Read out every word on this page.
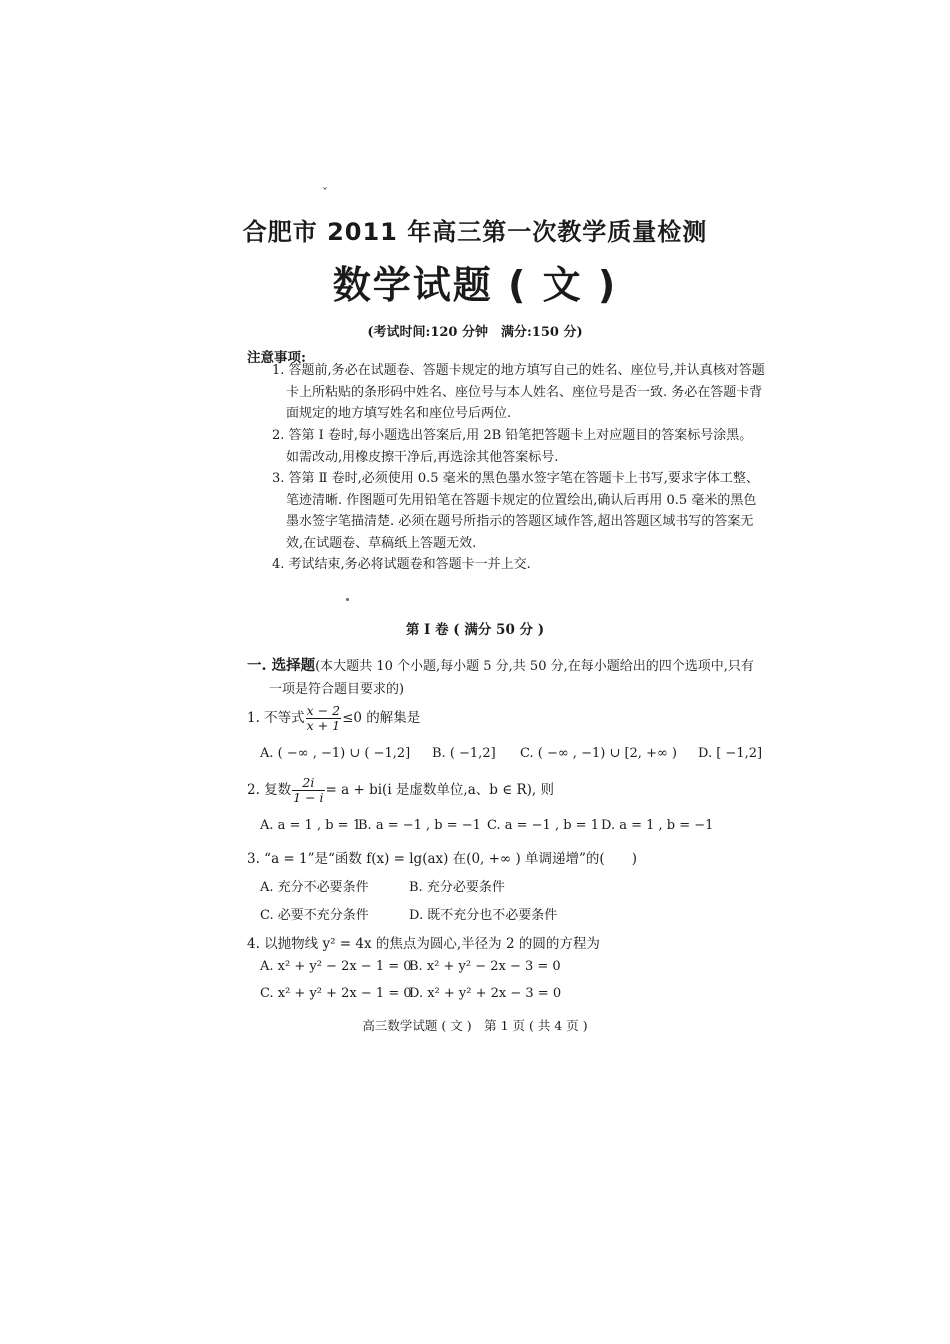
ˇ
合肥市 2011 年高三第一次教学质量检测
数学试题 ( 文 )
(考试时间:120 分钟　满分:150 分)
注意事项:
1. 答题前,务必在试题卷、答题卡规定的地方填写自己的姓名、座位号,并认真核对答题
卡上所粘贴的条形码中姓名、座位号与本人姓名、座位号是否一致. 务必在答题卡背
面规定的地方填写姓名和座位号后两位.
2. 答第 Ⅰ 卷时,每小题选出答案后,用 2B 铅笔把答题卡上对应题目的答案标号涂黑。
如需改动,用橡皮擦干净后,再选涂其他答案标号.
3. 答第 Ⅱ 卷时,必须使用 0.5 毫米的黑色墨水签字笔在答题卡上书写,要求字体工整、
笔迹清晰. 作图题可先用铅笔在答题卡规定的位置绘出,确认后再用 0.5 毫米的黑色
墨水签字笔描清楚. 必须在题号所指示的答题区域作答,超出答题区域书写的答案无
效,在试题卷、草稿纸上答题无效.
4. 考试结束,务必将试题卷和答题卡一并上交.
第 Ⅰ 卷 ( 满分 50 分 )
一. 选择题(本大题共 10 个小题,每小题 5 分,共 50 分,在每小题给出的四个选项中,只有
一项是符合题目要求的)
1. 不等式 $\frac{x - 2}{x + 1} \le 0$ 的解集是
A. ( −∞ , −1) ∪ ( −1,2] B. ( −1,2] C. ( −∞ , −1) ∪ [2, +∞ ) D. [ −1,2]
2. 复数 $\frac{2i}{1 - i} = a + bi(i$ 是虚数单位,a、b ∈ R), 则
A. a = 1 , b = 1
B. a = −1 , b = −1 C. a = −1 , b = 1 D. a = 1 , b = −1
3. “a = 1”是“函数 f(x) = lg(ax) 在(0, +∞ ) 单调递增”的(　　)
A. 充分不必要条件	B. 充分必要条件
C. 必要不充分条件	D. 既不充分也不必要条件
4. 以抛物线 y² = 4x 的焦点为圆心,半径为 2 的圆的方程为
A. x² + y² − 2x − 1 = 0
B. x² + y² − 2x − 3 = 0
C. x² + y² + 2x − 1 = 0
D. x² + y² + 2x − 3 = 0
高三数学试题 ( 文 )　第 1 页 ( 共 4 页 )
